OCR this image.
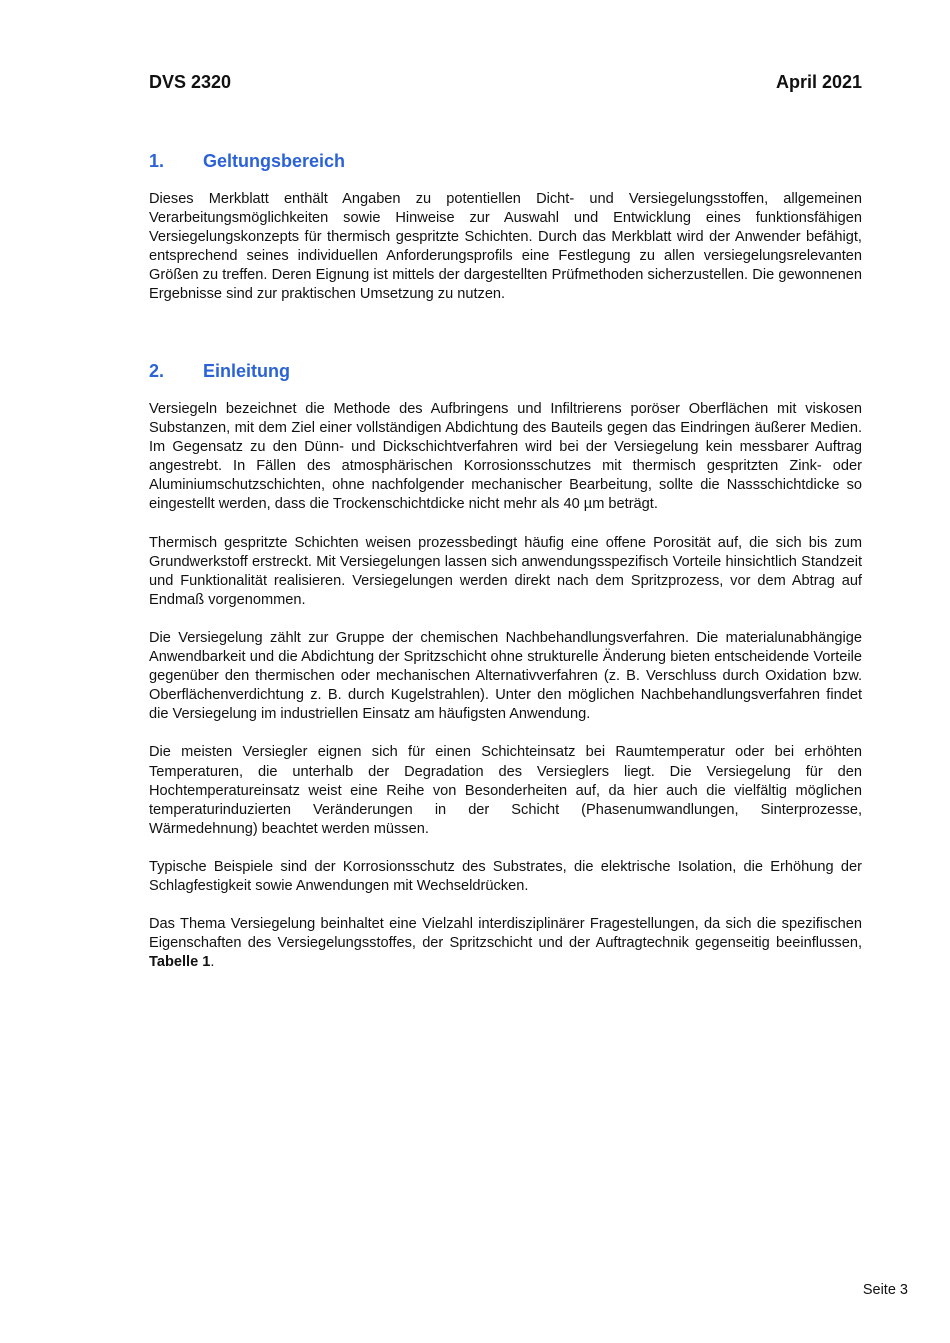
DVS 2320	April 2021
1.	Geltungsbereich

Dieses Merkblatt enthält Angaben zu potentiellen Dicht- und Versiegelungsstoffen, allgemeinen Verarbeitungsmöglichkeiten sowie Hinweise zur Auswahl und Entwicklung eines funktionsfähigen Versiegelungskonzepts für thermisch gespritzte Schichten. Durch das Merkblatt wird der Anwender befähigt, entsprechend seines individuellen Anforderungsprofils eine Festlegung zu allen versiegelungsrelevanten Größen zu treffen. Deren Eignung ist mittels der dargestellten Prüfmethoden sicherzustellen. Die gewonnenen Ergebnisse sind zur praktischen Umsetzung zu nutzen.

2.	Einleitung

Versiegeln bezeichnet die Methode des Aufbringens und Infiltrierens poröser Oberflächen mit viskosen Substanzen, mit dem Ziel einer vollständigen Abdichtung des Bauteils gegen das Eindringen äußerer Medien. Im Gegensatz zu den Dünn- und Dickschichtverfahren wird bei der Versiegelung kein messbarer Auftrag angestrebt. In Fällen des atmosphärischen Korrosionsschutzes mit thermisch gespritzten Zink- oder Aluminiumschutzschichten, ohne nachfolgender mechanischer Bearbeitung, sollte die Nassschichtdicke so eingestellt werden, dass die Trockenschichtdicke nicht mehr als 40 µm beträgt.

Thermisch gespritzte Schichten weisen prozessbedingt häufig eine offene Porosität auf, die sich bis zum Grundwerkstoff erstreckt. Mit Versiegelungen lassen sich anwendungsspezifisch Vorteile hinsichtlich Standzeit und Funktionalität realisieren. Versiegelungen werden direkt nach dem Spritzprozess, vor dem Abtrag auf Endmaß vorgenommen.

Die Versiegelung zählt zur Gruppe der chemischen Nachbehandlungsverfahren. Die materialunabhängige Anwendbarkeit und die Abdichtung der Spritzschicht ohne strukturelle Änderung bieten entscheidende Vorteile gegenüber den thermischen oder mechanischen Alternativverfahren (z. B. Verschluss durch Oxidation bzw. Oberflächenverdichtung z. B. durch Kugelstrahlen). Unter den möglichen Nachbehandlungsverfahren findet die Versiegelung im industriellen Einsatz am häufigsten Anwendung.

Die meisten Versiegler eignen sich für einen Schichteinsatz bei Raumtemperatur oder bei erhöhten Temperaturen, die unterhalb der Degradation des Versieglers liegt. Die Versiegelung für den Hochtemperatureinsatz weist eine Reihe von Besonderheiten auf, da hier auch die vielfältig möglichen temperaturinduzierten Veränderungen in der Schicht (Phasenumwandlungen, Sinterprozesse, Wärmedehnung) beachtet werden müssen.

Typische Beispiele sind der Korrosionsschutz des Substrates, die elektrische Isolation, die Erhöhung der Schlagfestigkeit sowie Anwendungen mit Wechseldrücken.

Das Thema Versiegelung beinhaltet eine Vielzahl interdisziplinärer Fragestellungen, da sich die spezifischen Eigenschaften des Versiegelungsstoffes, der Spritzschicht und der Auftragtechnik gegenseitig beeinflussen, Tabelle 1.

Seite 3
